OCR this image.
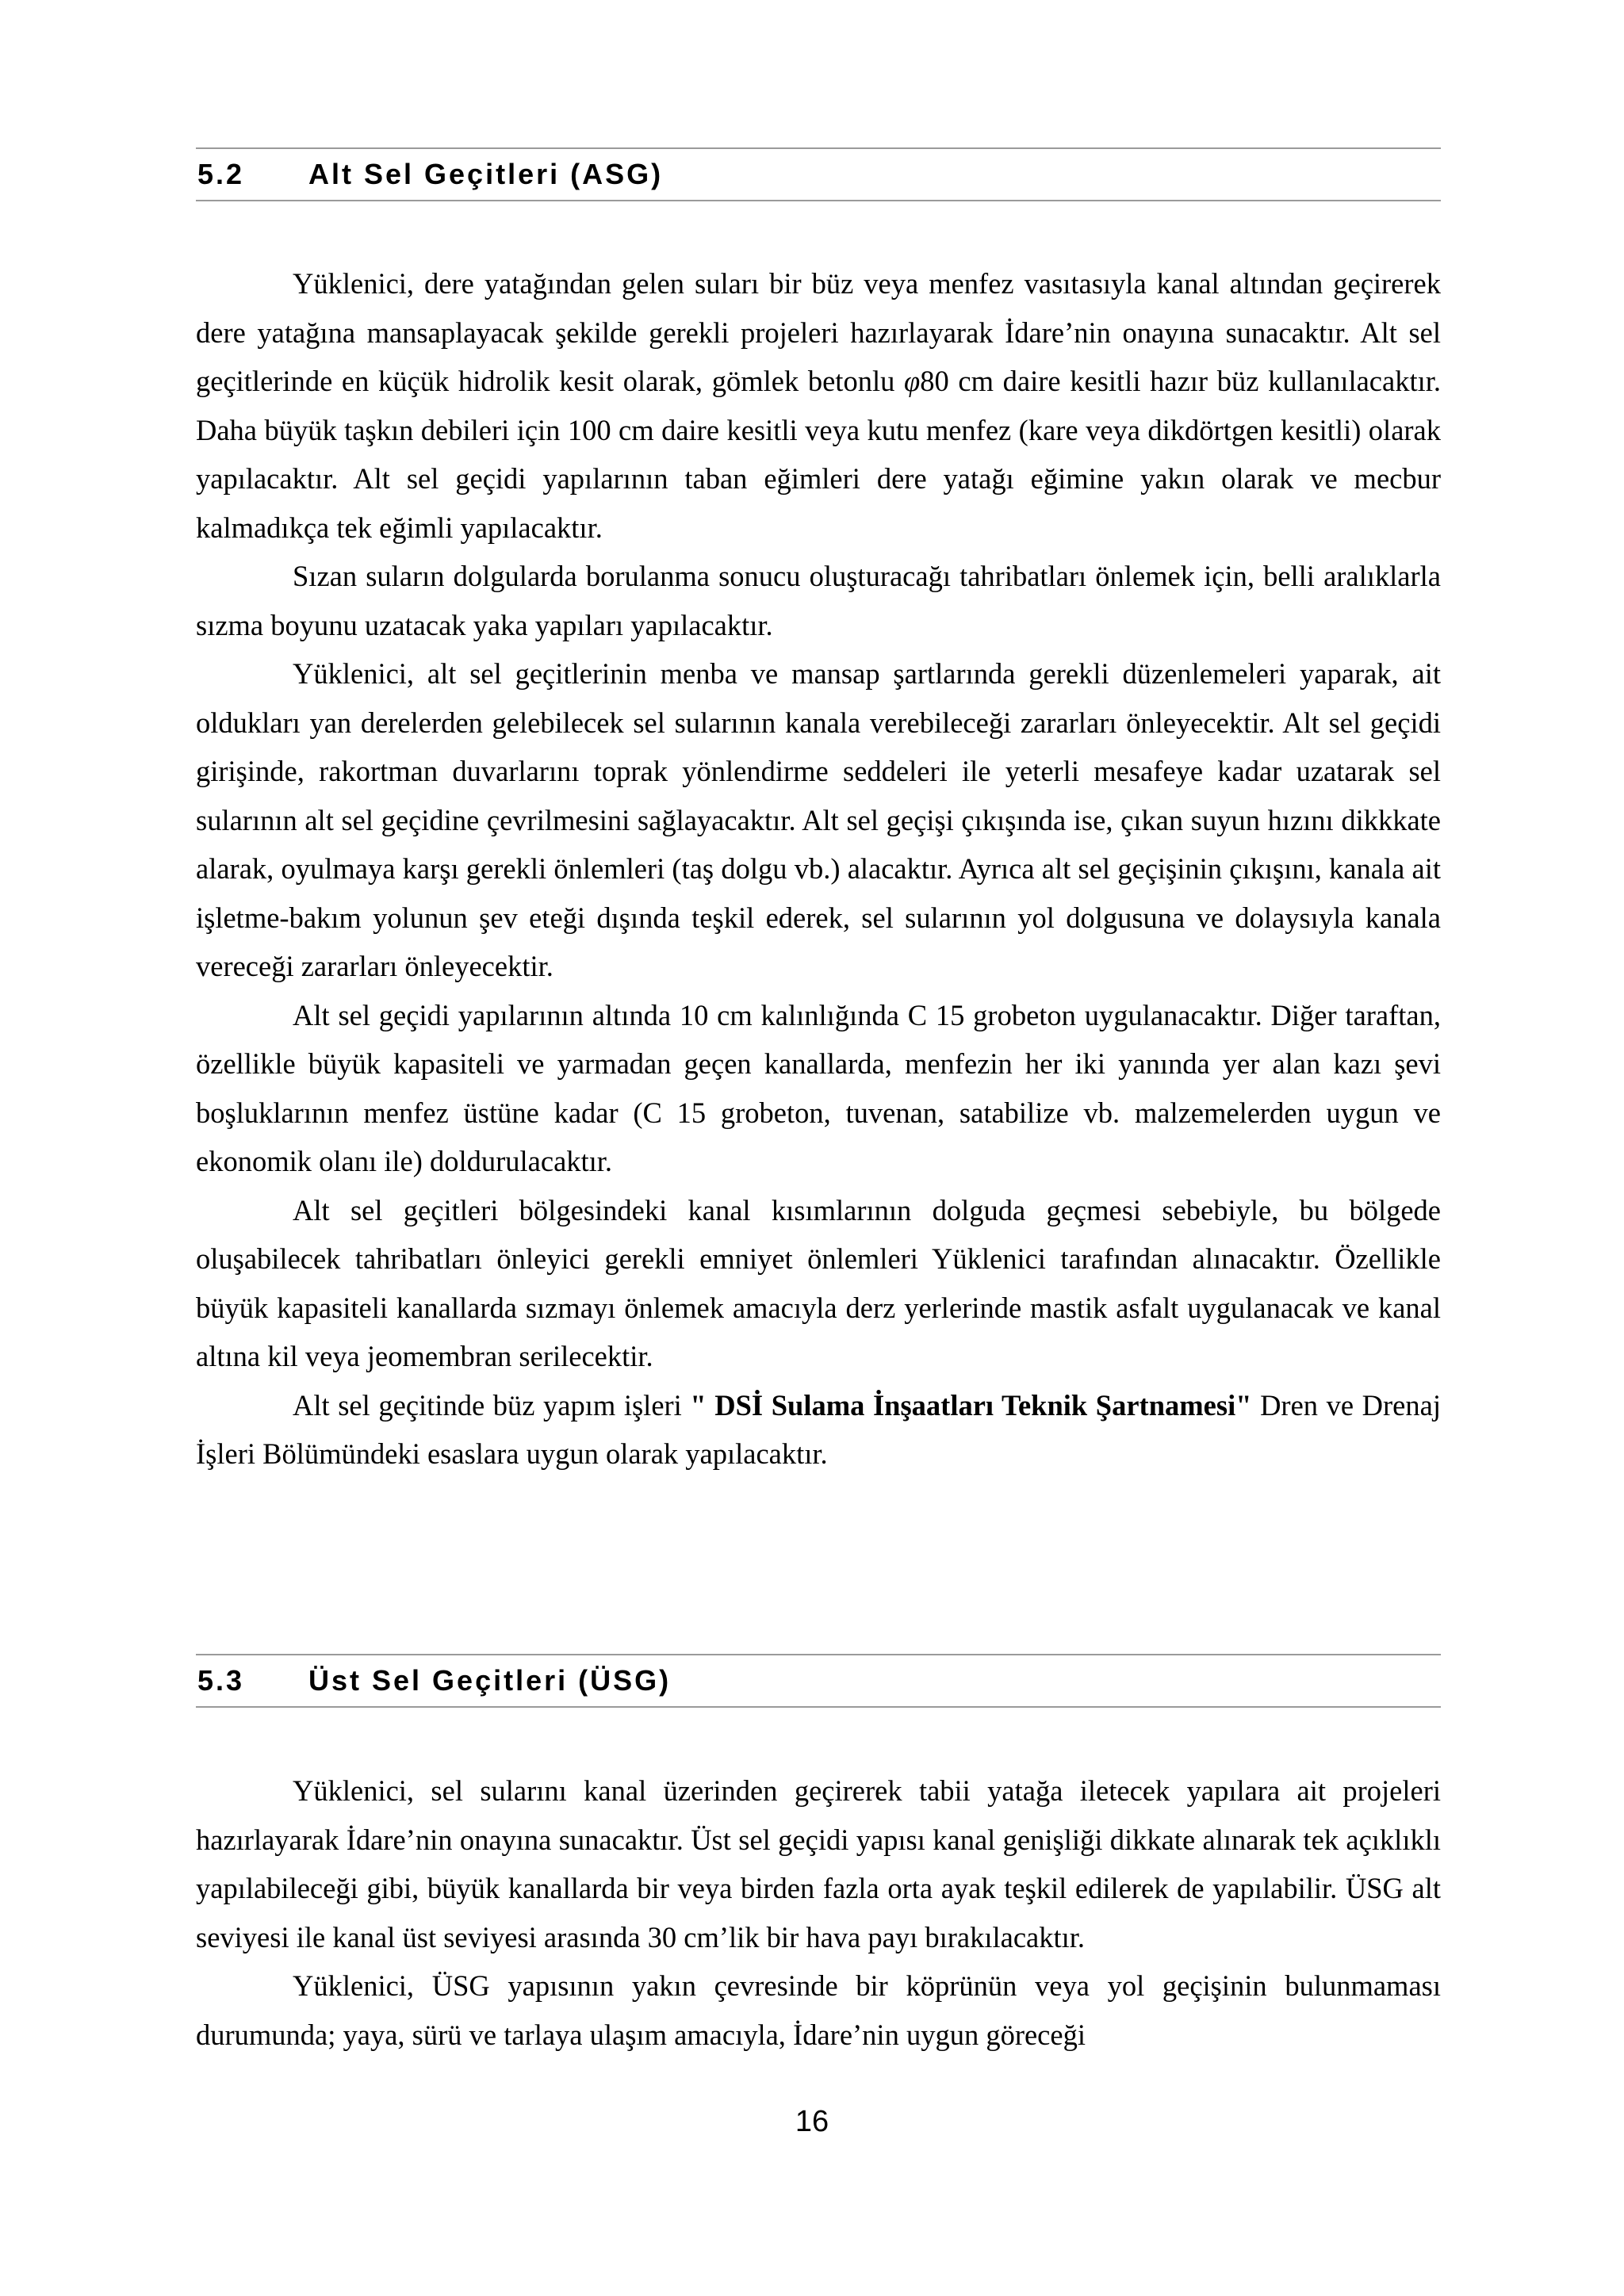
5.2	Alt Sel Geçitleri (ASG)

Yüklenici, dere yatağından gelen suları bir büz veya menfez vasıtasıyla kanal altından geçirerek dere yatağına mansaplayacak şekilde gerekli projeleri hazırlayarak İdare’nin onayına sunacaktır. Alt sel geçitlerinde en küçük hidrolik kesit olarak, gömlek betonlu φ80 cm daire kesitli hazır büz kullanılacaktır. Daha büyük taşkın debileri için 100 cm daire kesitli veya kutu menfez (kare veya dikdörtgen kesitli) olarak yapılacaktır. Alt sel geçidi yapılarının taban eğimleri dere yatağı eğimine yakın olarak ve mecbur kalmadıkça tek eğimli yapılacaktır.

Sızan suların dolgularda borulanma sonucu oluşturacağı tahribatları önlemek için, belli aralıklarla sızma boyunu uzatacak yaka yapıları yapılacaktır.

Yüklenici, alt sel geçitlerinin menba ve mansap şartlarında gerekli düzenlemeleri yaparak, ait oldukları yan derelerden gelebilecek sel sularının kanala verebileceği zararları önleyecektir. Alt sel geçidi girişinde, rakortman duvarlarını toprak yönlendirme seddeleri ile yeterli mesafeye kadar uzatarak sel sularının alt sel geçidine çevrilmesini sağlayacaktır. Alt sel geçişi çıkışında ise, çıkan suyun hızını dikkkate alarak, oyulmaya karşı gerekli önlemleri (taş dolgu vb.) alacaktır. Ayrıca alt sel geçişinin çıkışını, kanala ait işletme-bakım yolunun şev eteği dışında teşkil ederek, sel sularının yol dolgusuna ve dolaysıyla kanala vereceği zararları önleyecektir.

Alt sel geçidi yapılarının altında 10 cm kalınlığında C 15 grobeton uygulanacaktır. Diğer taraftan, özellikle büyük kapasiteli ve yarmadan geçen kanallarda, menfezin her iki yanında yer alan kazı şevi boşluklarının menfez üstüne kadar (C 15 grobeton, tuvenan, satabilize vb. malzemelerden uygun ve ekonomik olanı ile) doldurulacaktır.

Alt sel geçitleri bölgesindeki kanal kısımlarının dolguda geçmesi sebebiyle, bu bölgede oluşabilecek tahribatları önleyici gerekli emniyet önlemleri Yüklenici tarafından alınacaktır. Özellikle büyük kapasiteli kanallarda sızmayı önlemek amacıyla derz yerlerinde mastik asfalt uygulanacak ve kanal altına kil veya jeomembran serilecektir.

Alt sel geçitinde büz yapım işleri " DSİ Sulama İnşaatları Teknik Şartnamesi" Dren ve Drenaj İşleri Bölümündeki esaslara uygun olarak yapılacaktır.

5.3	Üst Sel Geçitleri (ÜSG)

Yüklenici, sel sularını kanal üzerinden geçirerek tabii yatağa iletecek yapılara ait projeleri hazırlayarak İdare’nin onayına sunacaktır. Üst sel geçidi yapısı kanal genişliği dikkate alınarak tek açıklıklı yapılabileceği gibi, büyük kanallarda bir veya birden fazla orta ayak teşkil edilerek de yapılabilir. ÜSG alt seviyesi ile kanal üst seviyesi arasında 30 cm’lik bir hava payı bırakılacaktır.

Yüklenici, ÜSG yapısının yakın çevresinde bir köprünün veya yol geçişinin bulunmaması durumunda; yaya, sürü ve tarlaya ulaşım amacıyla, İdare’nin uygun göreceği

16
